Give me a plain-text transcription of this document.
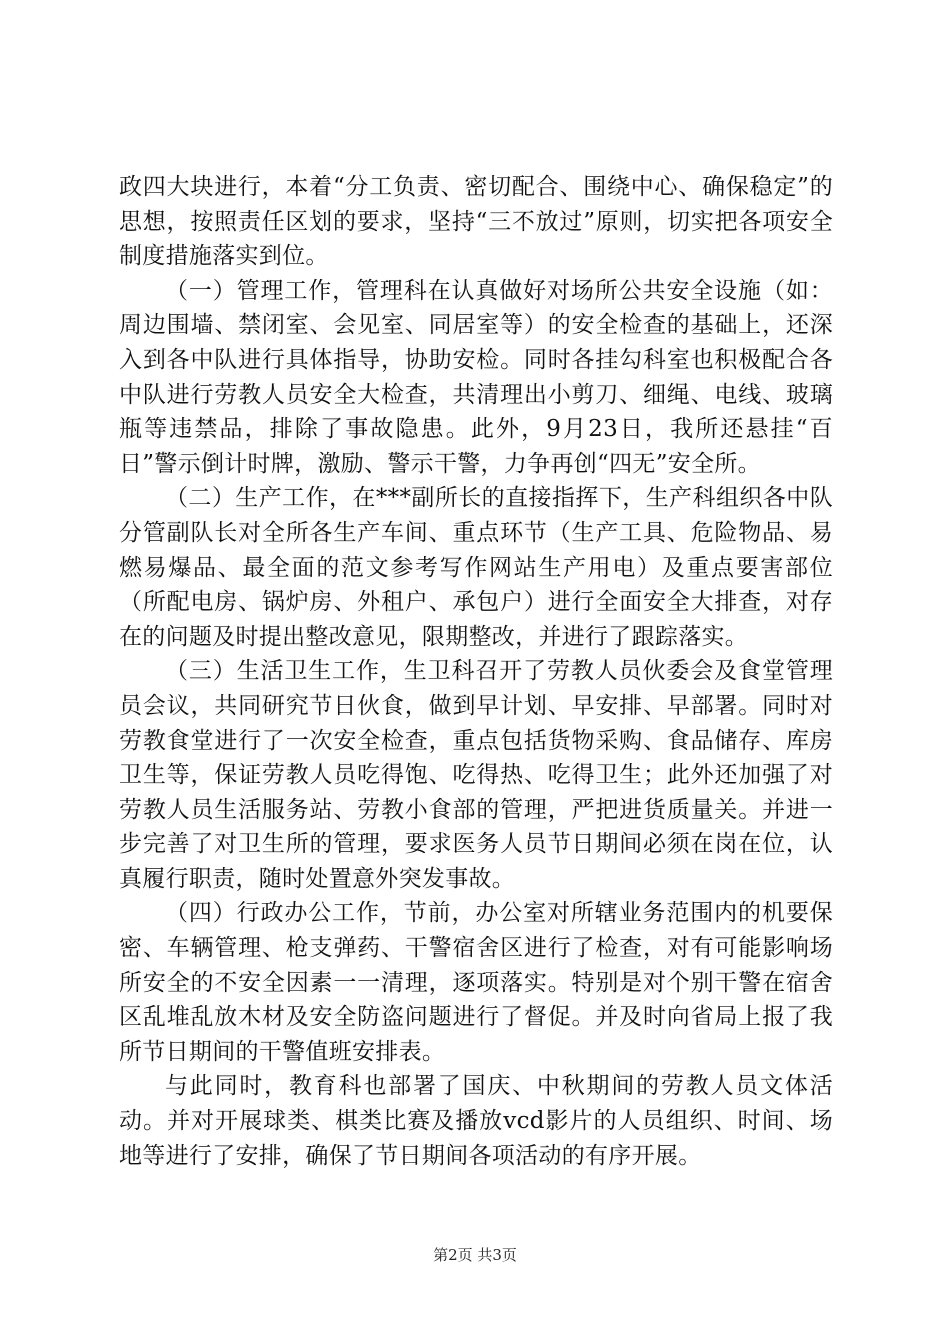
政四大块进行，本着“分工负责、密切配合、围绕中心、确保稳定”的思想，按照责任区划的要求，坚持“三不放过”原则，切实把各项安全制度措施落实到位。

（一）管理工作，管理科在认真做好对场所公共安全设施（如：周边围墙、禁闭室、会见室、同居室等）的安全检查的基础上，还深入到各中队进行具体指导，协助安检。同时各挂勾科室也积极配合各中队进行劳教人员安全大检查，共清理出小剪刀、细绳、电线、玻璃瓶等违禁品，排除了事故隐患。此外，9月23日，我所还悬挂“百日”警示倒计时牌，激励、警示干警，力争再创“四无”安全所。

（二）生产工作，在***副所长的直接指挥下，生产科组织各中队分管副队长对全所各生产车间、重点环节（生产工具、危险物品、易燃易爆品、最全面的范文参考写作网站生产用电）及重点要害部位（所配电房、锅炉房、外租户、承包户）进行全面安全大排查，对存在的问题及时提出整改意见，限期整改，并进行了跟踪落实。

（三）生活卫生工作，生卫科召开了劳教人员伙委会及食堂管理员会议，共同研究节日伙食，做到早计划、早安排、早部署。同时对劳教食堂进行了一次安全检查，重点包括货物采购、食品储存、库房卫生等，保证劳教人员吃得饱、吃得热、吃得卫生；此外还加强了对劳教人员生活服务站、劳教小食部的管理，严把进货质量关。并进一步完善了对卫生所的管理，要求医务人员节日期间必须在岗在位，认真履行职责，随时处置意外突发事故。

（四）行政办公工作，节前，办公室对所辖业务范围内的机要保密、车辆管理、枪支弹药、干警宿舍区进行了检查，对有可能影响场所安全的不安全因素一一清理，逐项落实。特别是对个别干警在宿舍区乱堆乱放木材及安全防盗问题进行了督促。并及时向省局上报了我所节日期间的干警值班安排表。

与此同时，教育科也部署了国庆、中秋期间的劳教人员文体活动。并对开展球类、棋类比赛及播放vcd影片的人员组织、时间、场地等进行了安排，确保了节日期间各项活动的有序开展。

第2页 共3页
